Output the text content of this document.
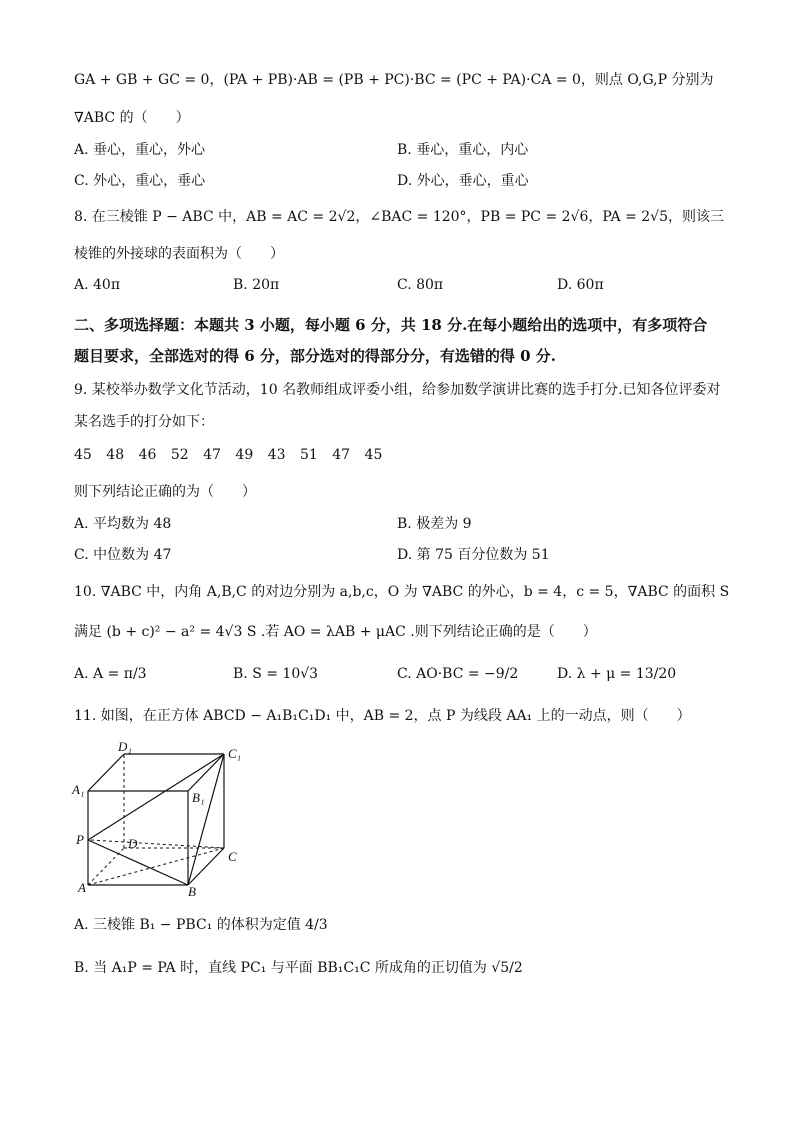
GA + GB + GC = 0，(PA + PB)·AB = (PB + PC)·BC = (PC + PA)·CA = 0，则点 O,G,P 分别为
∇ABC 的（　　）
A. 垂心，重心，外心	B. 垂心，重心，内心
C. 外心，重心，垂心	D. 外心，垂心，重心
8. 在三棱锥 P − ABC 中，AB = AC = 2√2，∠BAC = 120°，PB = PC = 2√6，PA = 2√5，则该三
棱锥的外接球的表面积为（　　）
A. 40π	B. 20π	C. 80π	D. 60π
二、多项选择题：本题共 3 小题，每小题 6 分，共 18 分.在每小题给出的选项中，有多项符合
题目要求，全部选对的得 6 分，部分选对的得部分分，有选错的得 0 分.
9. 某校举办数学文化节活动，10 名教师组成评委小组，给参加数学演讲比赛的选手打分.已知各位评委对
某名选手的打分如下：
45 48 46 52 47 49 43 51 47 45
则下列结论正确的为（　　）
A. 平均数为 48	B. 极差为 9
C. 中位数为 47	D. 第 75 百分位数为 51
10. ∇ABC 中，内角 A,B,C 的对边分别为 a,b,c，O 为 ∇ABC 的外心，b = 4，c = 5，∇ABC 的面积 S
满足 (b + c)² − a² = 4√3 S .若 AO = λAB + μAC .则下列结论正确的是（　　）
A. A = π/3	B. S = 10√3	C. AO·BC = −9/2	D. λ + μ = 13/20
11. 如图，在正方体 ABCD − A₁B₁C₁D₁ 中，AB = 2，点 P 为线段 AA₁ 上的一动点，则（　　）
D₁	C₁
A₁
B₁
P	D
C
A	B
A. 三棱锥 B₁ − PBC₁ 的体积为定值 4/3
B. 当 A₁P = PA 时，直线 PC₁ 与平面 BB₁C₁C 所成角的正切值为 √5/2
